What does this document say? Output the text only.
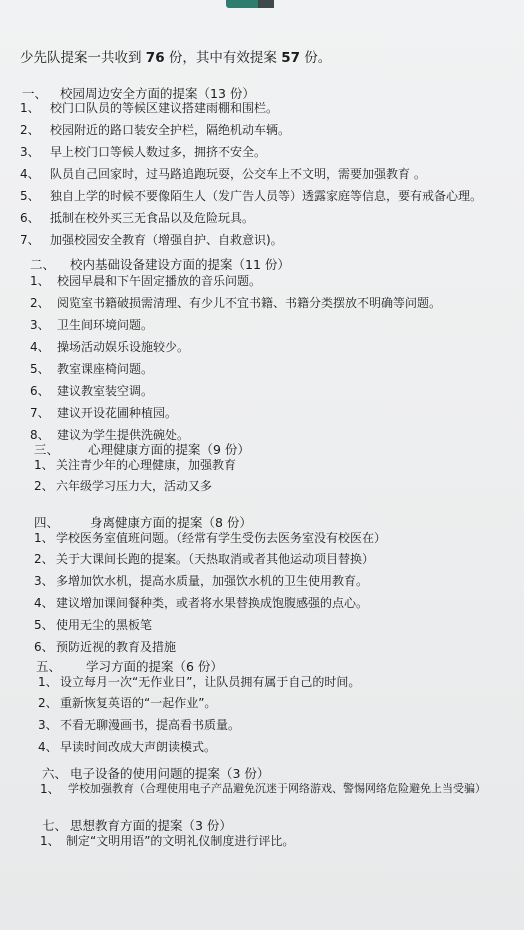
少先队提案一共收到 76 份，其中有效提案 57 份。
一、 校园周边安全方面的提案（13 份）
1、 校门口队员的等候区建议搭建雨棚和围栏。
2、 校园附近的路口装安全护栏，隔绝机动车辆。
3、 早上校门口等候人数过多，拥挤不安全。
4、 队员自己回家时，过马路追跑玩耍，公交车上不文明，需要加强教育 。
5、 独自上学的时候不要像陌生人（发广告人员等）透露家庭等信息，要有戒备心理。
6、 抵制在校外买三无食品以及危险玩具。
7、 加强校园安全教育（增强自护、自救意识)。
二、 校内基础设备建设方面的提案（11 份）
1、 校园早晨和下午固定播放的音乐问题。
2、 阅览室书籍破损需清理、有少儿不宜书籍、书籍分类摆放不明确等问题。
3、 卫生间环境问题。
4、 操场活动娱乐设施较少。
5、 教室课座椅问题。
6、 建议教室装空调。
7、 建议开设花圃种植园。
8、 建议为学生提供洗碗处。
三、 心理健康方面的提案（9 份）
1、 关注青少年的心理健康，加强教育
2、 六年级学习压力大，活动又多
四、 身离健康方面的提案（8 份）
1、 学校医务室值班问题。（经常有学生受伤去医务室没有校医在）
2、 关于大课间长跑的提案。（天热取消或者其他运动项目替换）
3、 多增加饮水机，提高水质量，加强饮水机的卫生使用教育。
4、 建议增加课间餐种类，或者将水果替换成饱腹感强的点心。
5、 使用无尘的黑板笔
6、 预防近视的教育及措施
五、 学习方面的提案（6 份）
1、 设立每月一次“无作业日”，让队员拥有属于自己的时间。
2、 重新恢复英语的“一起作业”。
3、 不看无聊漫画书，提高看书质量。
4、 早读时间改成大声朗读模式。
六、 电子设备的使用问题的提案（3 份）
1、 学校加强教育（合理使用电子产品避免沉迷于网络游戏、警惕网络危险避免上当受骗）
七、 思想教育方面的提案（3 份）
1、 制定“文明用语”的文明礼仪制度进行评比。
